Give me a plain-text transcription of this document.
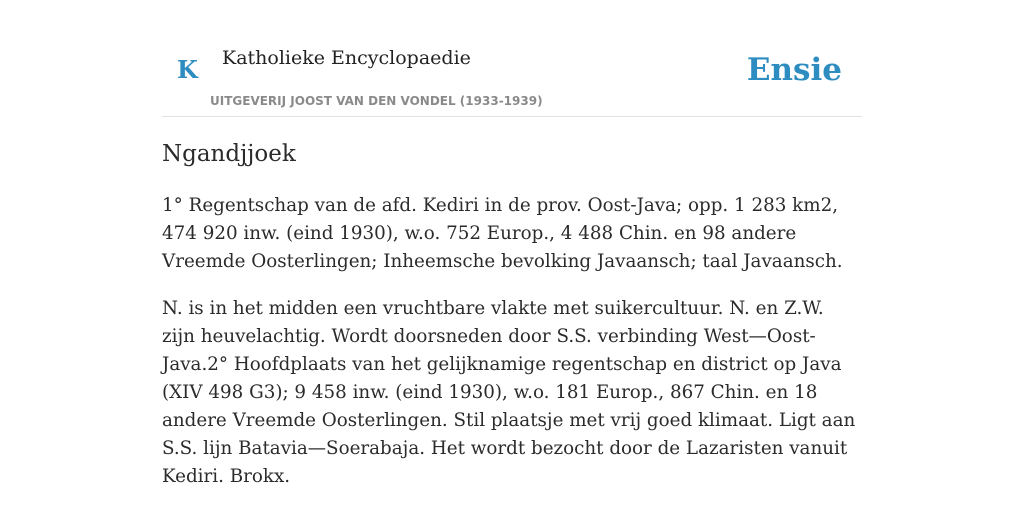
K Katholieke Encyclopaedie
UITGEVERIJ JOOST VAN DEN VONDEL (1933-1939)
Ensie
Ngandjjoek

1° Regentschap van de afd. Kediri in de prov. Oost-Java; opp. 1 283 km2, 474 920 inw. (eind 1930), w.o. 752 Europ., 4 488 Chin. en 98 andere Vreemde Oosterlingen; Inheemsche bevolking Javaansch; taal Javaansch.

N. is in het midden een vruchtbare vlakte met suikercultuur. N. en Z.W. zijn heuvelachtig. Wordt doorsneden door S.S. verbinding West—Oost-Java.2° Hoofdplaats van het gelijknamige regentschap en district op Java (XIV 498 G3); 9 458 inw. (eind 1930), w.o. 181 Europ., 867 Chin. en 18 andere Vreemde Oosterlingen. Stil plaatsje met vrij goed klimaat. Ligt aan S.S. lijn Batavia—Soerabaja. Het wordt bezocht door de Lazaristen vanuit Kediri. Brokx.
